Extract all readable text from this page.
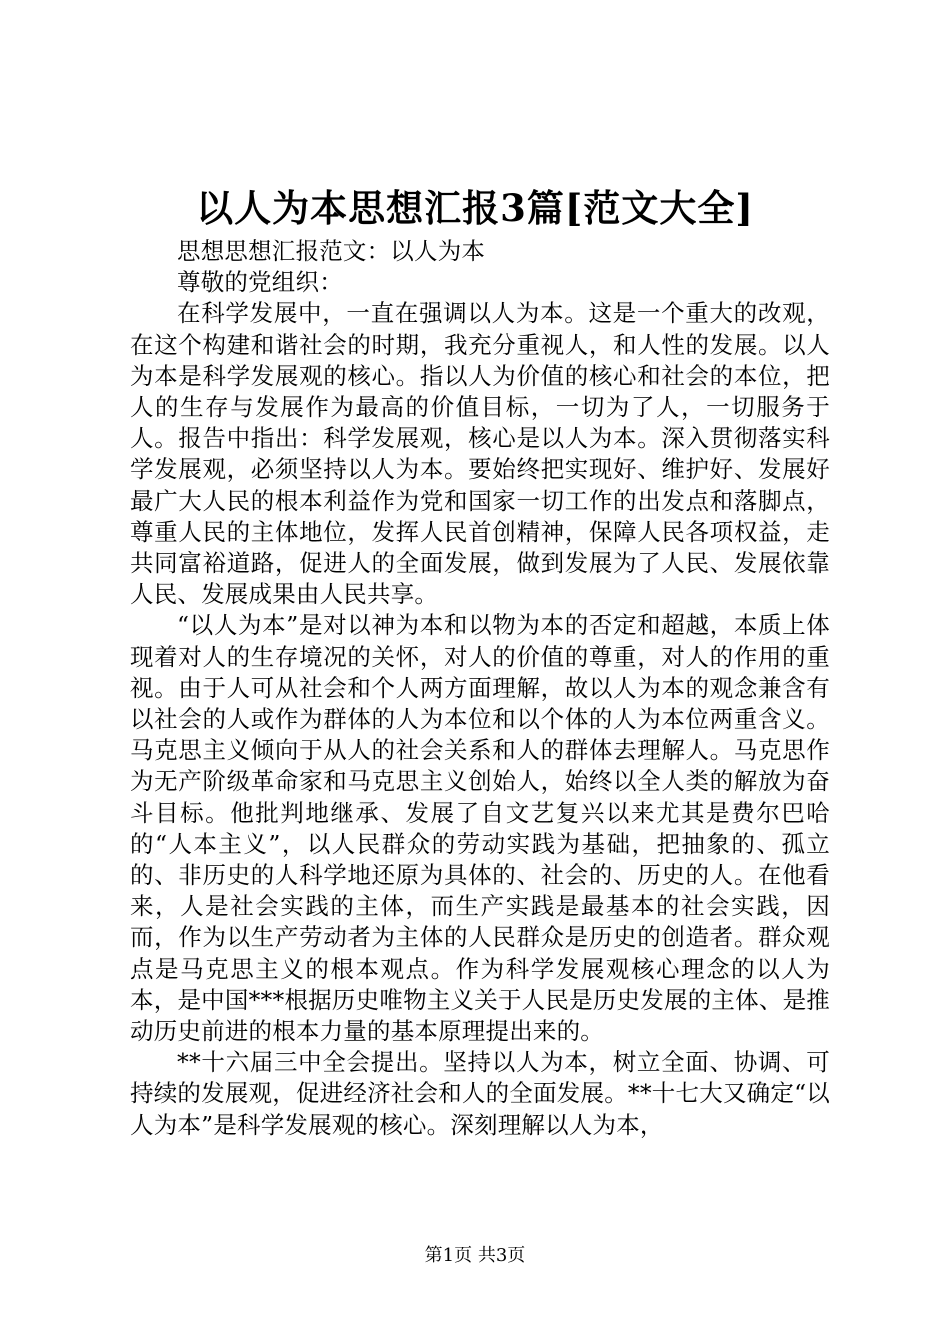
以人为本思想汇报3篇[范文大全]

思想思想汇报范文：以人为本

尊敬的党组织：

在科学发展中，一直在强调以人为本。这是一个重大的改观，在这个构建和谐社会的时期，我充分重视人，和人性的发展。以人为本是科学发展观的核心。指以人为价值的核心和社会的本位，把人的生存与发展作为最高的价值目标，一切为了人，一切服务于人。报告中指出：科学发展观，核心是以人为本。深入贯彻落实科学发展观，必须坚持以人为本。要始终把实现好、维护好、发展好最广大人民的根本利益作为党和国家一切工作的出发点和落脚点，尊重人民的主体地位，发挥人民首创精神，保障人民各项权益，走共同富裕道路，促进人的全面发展，做到发展为了人民、发展依靠人民、发展成果由人民共享。

“以人为本”是对以神为本和以物为本的否定和超越，本质上体现着对人的生存境况的关怀，对人的价值的尊重，对人的作用的重视。由于人可从社会和个人两方面理解，故以人为本的观念兼含有以社会的人或作为群体的人为本位和以个体的人为本位两重含义。马克思主义倾向于从人的社会关系和人的群体去理解人。马克思作为无产阶级革命家和马克思主义创始人，始终以全人类的解放为奋斗目标。他批判地继承、发展了自文艺复兴以来尤其是费尔巴哈的“人本主义”，以人民群众的劳动实践为基础，把抽象的、孤立的、非历史的人科学地还原为具体的、社会的、历史的人。在他看来，人是社会实践的主体，而生产实践是最基本的社会实践，因而，作为以生产劳动者为主体的人民群众是历史的创造者。群众观点是马克思主义的根本观点。作为科学发展观核心理念的以人为本，是中国***根据历史唯物主义关于人民是历史发展的主体、是推动历史前进的根本力量的基本原理提出来的。

**十六届三中全会提出。坚持以人为本，树立全面、协调、可持续的发展观，促进经济社会和人的全面发展。**十七大又确定“以人为本”是科学发展观的核心。深刻理解以人为本，

第1页 共3页
